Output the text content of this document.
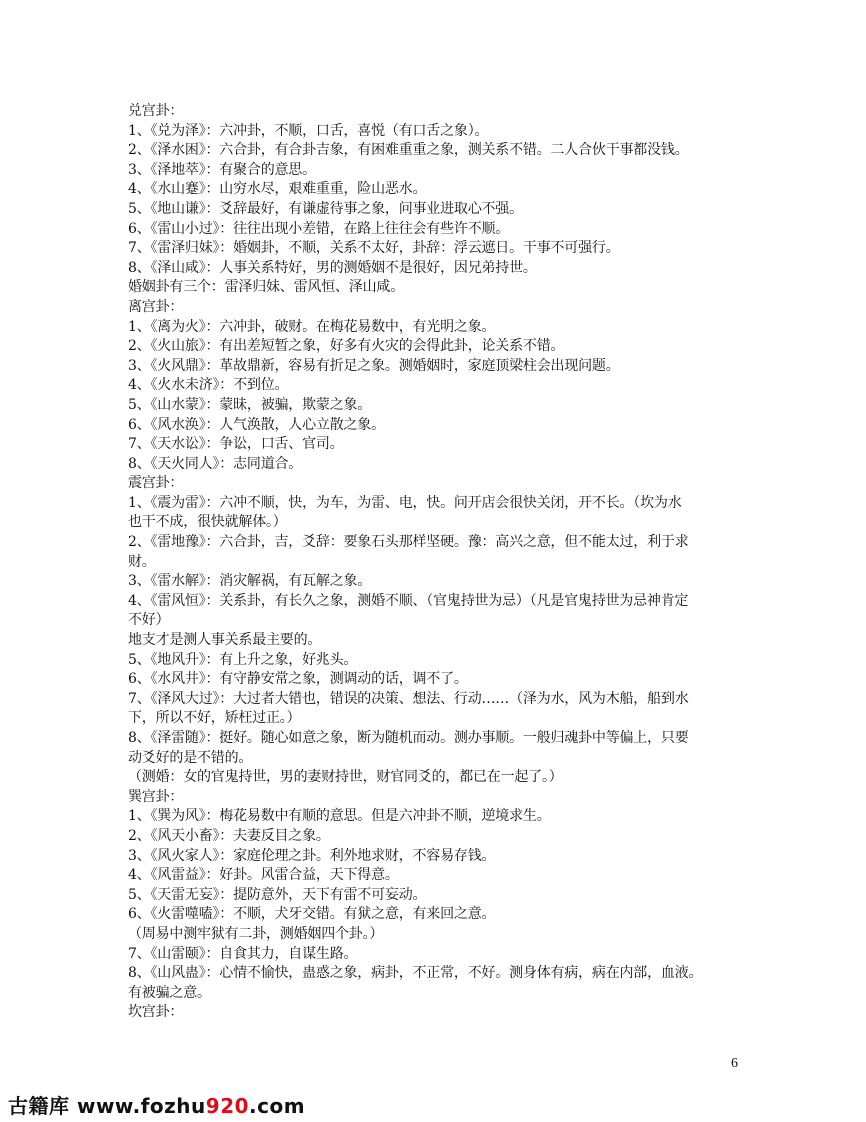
兑宫卦：

1、《兑为泽》：六冲卦，不顺，口舌，喜悦（有口舌之象）。

2、《泽水困》：六合卦，有合卦吉象，有困难重重之象，测关系不错。二人合伙干事都没钱。

3、《泽地萃》：有聚合的意思。

4、《水山蹇》：山穷水尽，艰难重重，险山恶水。

5、《地山谦》：爻辞最好，有谦虚待事之象，问事业进取心不强。

6、《雷山小过》：往往出现小差错，在路上往往会有些许不顺。

7、《雷泽归妹》：婚姻卦，不顺，关系不太好，卦辞：浮云遮日。干事不可强行。

8、《泽山咸》：人事关系特好，男的测婚姻不是很好，因兄弟持世。

婚姻卦有三个：雷泽归妹、雷风恒、泽山咸。

离宫卦：

1、《离为火》：六冲卦，破财。在梅花易数中，有光明之象。

2、《火山旅》：有出差短暂之象，好多有火灾的会得此卦，论关系不错。

3、《火风鼎》：革故鼎新，容易有折足之象。测婚姻时，家庭顶梁柱会出现问题。

4、《火水未济》：不到位。

5、《山水蒙》：蒙昧，被骗，欺蒙之象。

6、《风水涣》：人气涣散，人心立散之象。

7、《天水讼》：争讼，口舌、官司。

8、《天火同人》：志同道合。

震宫卦：

1、《震为雷》：六冲不顺，快，为车，为雷、电，快。问开店会很快关闭，开不长。（坎为水

也干不成，很快就解体。）

2、《雷地豫》：六合卦，吉，爻辞：要象石头那样坚硬。豫：高兴之意，但不能太过，利于求

财。

3、《雷水解》：消灾解祸，有瓦解之象。

4、《雷风恒》：关系卦，有长久之象，测婚不顺、（官鬼持世为忌）（凡是官鬼持世为忌神肯定

不好）

地支才是测人事关系最主要的。

5、《地风升》：有上升之象，好兆头。

6、《水风井》：有守静安常之象，测调动的话，调不了。

7、《泽风大过》：大过者大错也，错误的决策、想法、行动……（泽为水，风为木船，船到水

下，所以不好，矫枉过正。）

8、《泽雷随》：挺好。随心如意之象，断为随机而动。测办事顺。一般归魂卦中等偏上，只要

动爻好的是不错的。

（测婚：女的官鬼持世，男的妻财持世，财官同爻的，都已在一起了。）

巽宫卦：

1、《巽为风》：梅花易数中有顺的意思。但是六冲卦不顺，逆境求生。

2、《风天小畜》：夫妻反目之象。

3、《风火家人》：家庭伦理之卦。利外地求财，不容易存钱。

4、《风雷益》：好卦。风雷合益，天下得意。

5、《天雷无妄》：提防意外，天下有雷不可妄动。

6、《火雷噬嗑》：不顺，犬牙交错。有狱之意，有来回之意。

（周易中测牢狱有二卦，测婚姻四个卦。）

7、《山雷颐》：自食其力，自谋生路。

8、《山风蛊》：心情不愉快，蛊惑之象，病卦，不正常，不好。测身体有病，病在内部，血液。

有被骗之意。

坎宫卦：

6
古籍库 www.fozhu920.com
